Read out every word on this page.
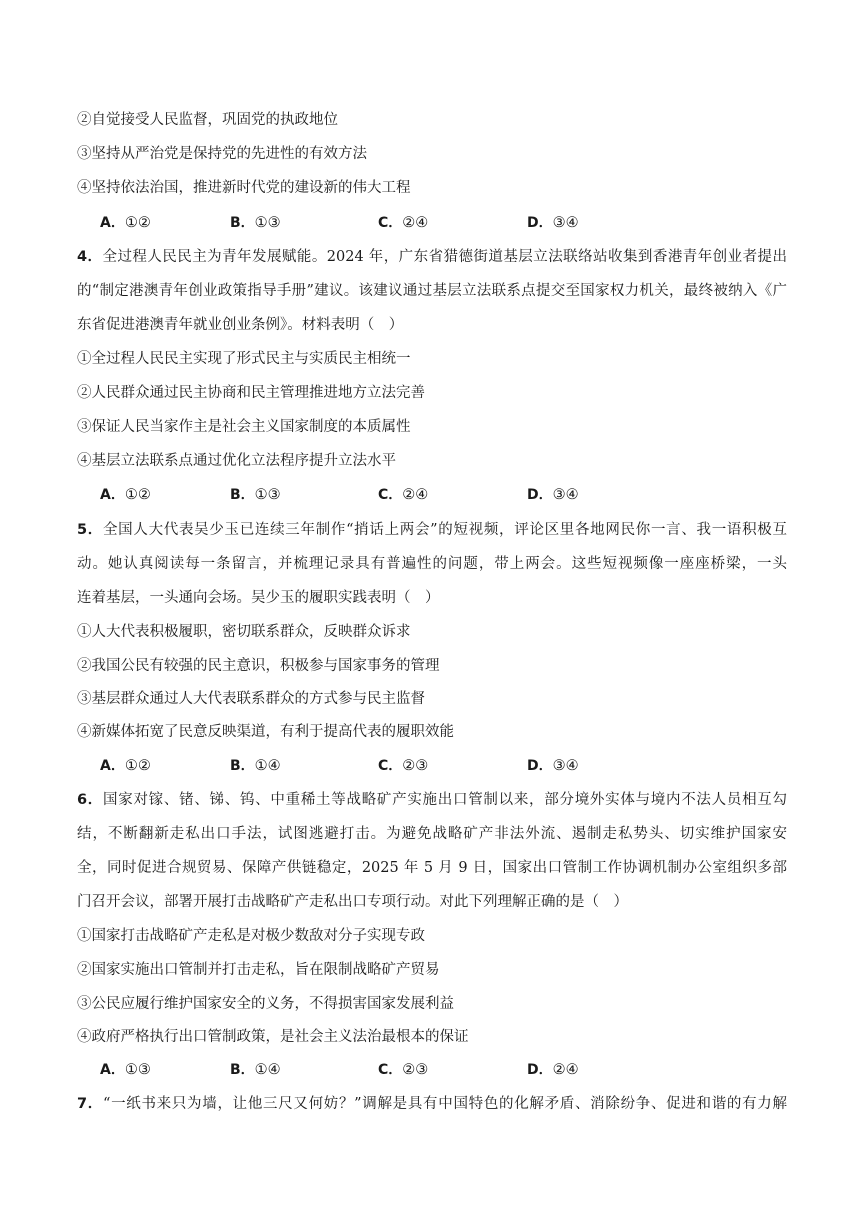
②自觉接受人民监督，巩固党的执政地位
③坚持从严治党是保持党的先进性的有效方法
④坚持依法治国，推进新时代党的建设新的伟大工程
A．①②	B．①③	C．②④	D．③④
4．全过程人民民主为青年发展赋能。2024 年，广东省猎德街道基层立法联络站收集到香港青年创业者提出
的“制定港澳青年创业政策指导手册”建议。该建议通过基层立法联系点提交至国家权力机关，最终被纳入《广
东省促进港澳青年就业创业条例》。材料表明（　）
①全过程人民民主实现了形式民主与实质民主相统一
②人民群众通过民主协商和民主管理推进地方立法完善
③保证人民当家作主是社会主义国家制度的本质属性
④基层立法联系点通过优化立法程序提升立法水平
A．①②	B．①③	C．②④	D．③④
5．全国人大代表吴少玉已连续三年制作“捎话上两会”的短视频，评论区里各地网民你一言、我一语积极互
动。她认真阅读每一条留言，并梳理记录具有普遍性的问题，带上两会。这些短视频像一座座桥梁，一头
连着基层，一头通向会场。吴少玉的履职实践表明（　）
①人大代表积极履职，密切联系群众，反映群众诉求
②我国公民有较强的民主意识，积极参与国家事务的管理
③基层群众通过人大代表联系群众的方式参与民主监督
④新媒体拓宽了民意反映渠道，有利于提高代表的履职效能
A．①②	B．①④	C．②③	D．③④
6．国家对镓、锗、锑、钨、中重稀土等战略矿产实施出口管制以来，部分境外实体与境内不法人员相互勾
结，不断翻新走私出口手法，试图逃避打击。为避免战略矿产非法外流、遏制走私势头、切实维护国家安
全，同时促进合规贸易、保障产供链稳定，2025 年 5 月 9 日，国家出口管制工作协调机制办公室组织多部
门召开会议，部署开展打击战略矿产走私出口专项行动。对此下列理解正确的是（　）
①国家打击战略矿产走私是对极少数敌对分子实现专政
②国家实施出口管制并打击走私，旨在限制战略矿产贸易
③公民应履行维护国家安全的义务，不得损害国家发展利益
④政府严格执行出口管制政策，是社会主义法治最根本的保证
A．①③	B．①④	C．②③	D．②④
7．“一纸书来只为墙，让他三尺又何妨？”调解是具有中国特色的化解矛盾、消除纷争、促进和谐的有力解
